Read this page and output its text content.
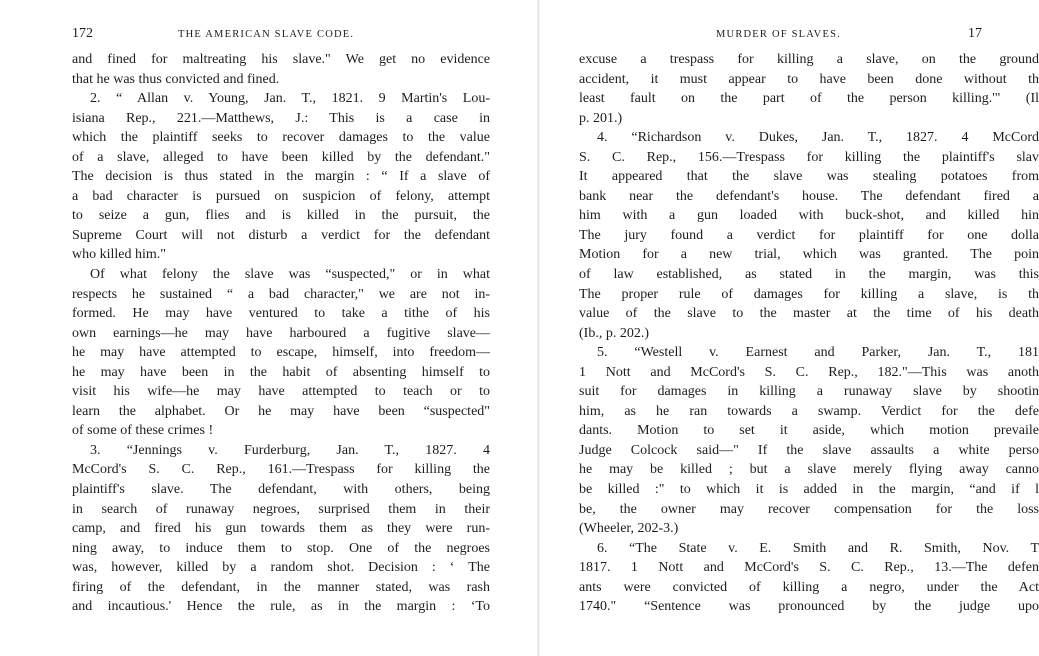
172	THE AMERICAN SLAVE CODE.
and fined for maltreating his slave." We get no evidence
that he was thus convicted and fined.
2. “ Allan v. Young, Jan. T., 1821. 9 Martin's Lou-
isiana Rep., 221.—Matthews, J.: This is a case in
which the plaintiff seeks to recover damages to the value
of a slave, alleged to have been killed by the defendant."
The decision is thus stated in the margin : “ If a slave of
a bad character is pursued on suspicion of felony, attempt
to seize a gun, flies and is killed in the pursuit, the
Supreme Court will not disturb a verdict for the defendant
who killed him."
Of what felony the slave was “suspected," or in what
respects he sustained “ a bad character," we are not in-
formed. He may have ventured to take a tithe of his
own earnings—he may have harboured a fugitive slave—
he may have attempted to escape, himself, into freedom—
he may have been in the habit of absenting himself to
visit his wife—he may have attempted to teach or to
learn the alphabet. Or he may have been “suspected"
of some of these crimes !
3. “Jennings v. Furderburg, Jan. T., 1827. 4
McCord's S. C. Rep., 161.—Trespass for killing the
plaintiff's slave. The defendant, with others, being
in search of runaway negroes, surprised them in their
camp, and fired his gun towards them as they were run-
ning away, to induce them to stop. One of the negroes
was, however, killed by a random shot. Decision : ‘ The
firing of the defendant, in the manner stated, was rash
and incautious.' Hence the rule, as in the margin : ‘To
MURDER OF SLAVES.	17
excuse a trespass for killing a slave, on the ground
accident, it must appear to have been done without th
least fault on the part of the person killing.'" (Il
p. 201.)
4. “Richardson v. Dukes, Jan. T., 1827. 4 McCord
S. C. Rep., 156.—Trespass for killing the plaintiff's slav
It appeared that the slave was stealing potatoes from
bank near the defendant's house. The defendant fired a
him with a gun loaded with buck-shot, and killed hin
The jury found a verdict for plaintiff for one dolla
Motion for a new trial, which was granted. The poin
of law established, as stated in the margin, was this
The proper rule of damages for killing a slave, is th
value of the slave to the master at the time of his death
(Ib., p. 202.)
5. “Westell v. Earnest and Parker, Jan. T., 181
1 Nott and McCord's S. C. Rep., 182."—This was anoth
suit for damages in killing a runaway slave by shootin
him, as he ran towards a swamp. Verdict for the defe
dants. Motion to set it aside, which motion prevaile
Judge Colcock said—" If the slave assaults a white perso
he may be killed ; but a slave merely flying away canno
be killed :" to which it is added in the margin, “and if l
be, the owner may recover compensation for the loss
(Wheeler, 202-3.)
6. “The State v. E. Smith and R. Smith, Nov. T
1817. 1 Nott and McCord's S. C. Rep., 13.—The defen
ants were convicted of killing a negro, under the Act
1740." “Sentence was pronounced by the judge upo
